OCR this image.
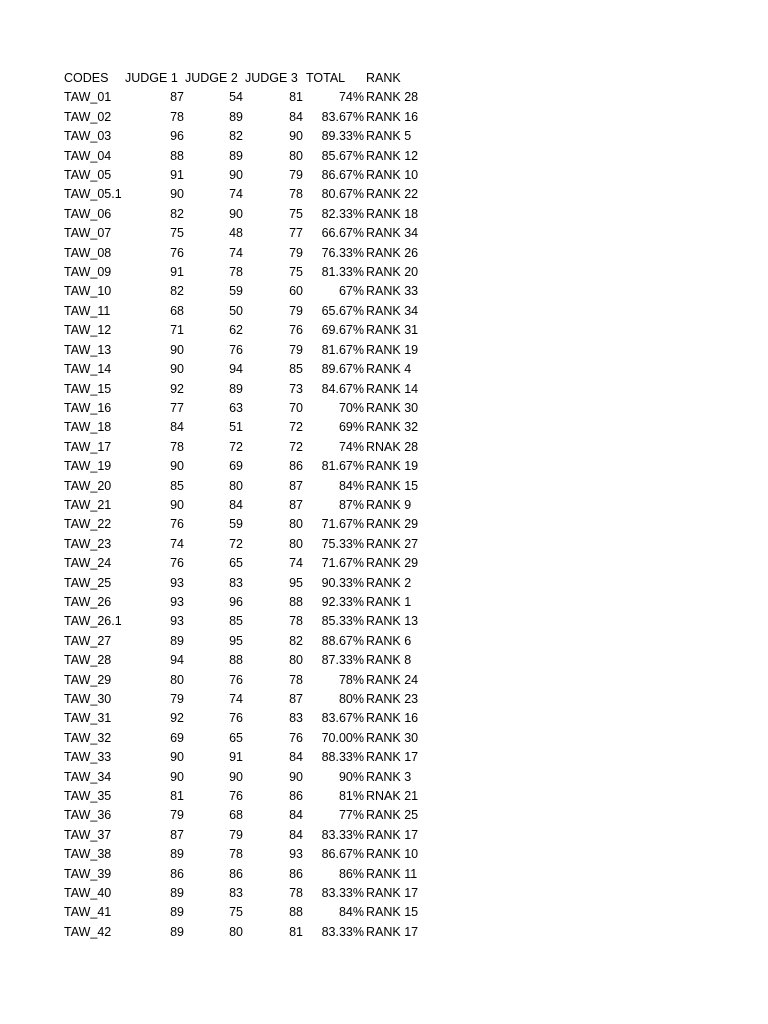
CODES JUDGE 1 JUDGE 2 JUDGE 3 TOTAL RANK
TAW_01	87	54	81	74% RANK 28
TAW_02	78	89	84	83.67% RANK 16
TAW_03	96	82	90	89.33% RANK 5
TAW_04	88	89	80	85.67% RANK 12
TAW_05	91	90	79	86.67% RANK 10
TAW_05.1	90	74	78	80.67% RANK 22
TAW_06	82	90	75	82.33% RANK 18
TAW_07	75	48	77	66.67% RANK 34
TAW_08	76	74	79	76.33% RANK 26
TAW_09	91	78	75	81.33% RANK 20
TAW_10	82	59	60	67% RANK 33
TAW_11	68	50	79	65.67% RANK 34
TAW_12	71	62	76	69.67% RANK 31
TAW_13	90	76	79	81.67% RANK 19
TAW_14	90	94	85	89.67% RANK 4
TAW_15	92	89	73	84.67% RANK 14
TAW_16	77	63	70	70% RANK 30
TAW_18	84	51	72	69% RANK 32
TAW_17	78	72	72	74% RNAK 28
TAW_19	90	69	86	81.67% RANK 19
TAW_20	85	80	87	84% RANK 15
TAW_21	90	84	87	87% RANK 9
TAW_22	76	59	80	71.67% RANK 29
TAW_23	74	72	80	75.33% RANK 27
TAW_24	76	65	74	71.67% RANK 29
TAW_25	93	83	95	90.33% RANK 2
TAW_26	93	96	88	92.33% RANK 1
TAW_26.1	93	85	78	85.33% RANK 13
TAW_27	89	95	82	88.67% RANK 6
TAW_28	94	88	80	87.33% RANK 8
TAW_29	80	76	78	78% RANK 24
TAW_30	79	74	87	80% RANK 23
TAW_31	92	76	83	83.67% RANK 16
TAW_32	69	65	76	70.00% RANK 30
TAW_33	90	91	84	88.33% RANK 17
TAW_34	90	90	90	90% RANK 3
TAW_35	81	76	86	81% RNAK 21
TAW_36	79	68	84	77% RANK 25
TAW_37	87	79	84	83.33% RANK 17
TAW_38	89	78	93	86.67% RANK 10
TAW_39	86	86	86	86% RANK 11
TAW_40	89	83	78	83.33% RANK 17
TAW_41	89	75	88	84% RANK 15
TAW_42	89	80	81	83.33% RANK 17
